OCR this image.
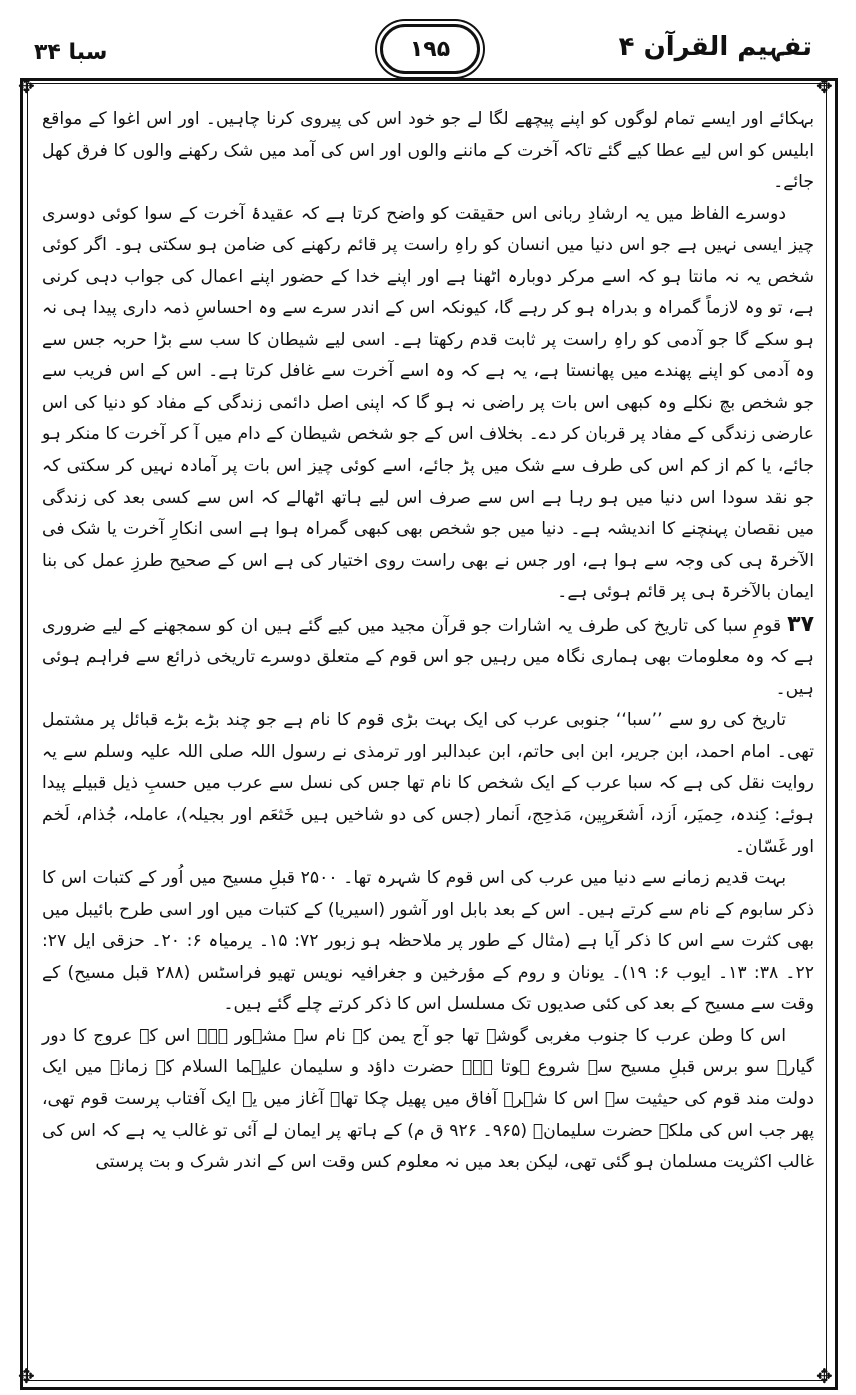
سبا ۳۴	۱۹۵	تفہیم القرآن ۴
✥	✥
✥	✥

بہکائے اور ایسے تمام لوگوں کو اپنے پیچھے لگا لے جو خود اس کی پیروی کرنا چاہیں۔ اور اس اغوا کے مواقع ابلیس کو اس لیے عطا کیے گئے تاکہ آخرت کے ماننے والوں اور اس کی آمد میں شک رکھنے والوں کا فرق کھل جائے۔

دوسرے الفاظ میں یہ ارشادِ ربانی اس حقیقت کو واضح کرتا ہے کہ عقیدۂ آخرت کے سوا کوئی دوسری چیز ایسی نہیں ہے جو اس دنیا میں انسان کو راہِ راست پر قائم رکھنے کی ضامن ہو سکتی ہو۔ اگر کوئی شخص یہ نہ مانتا ہو کہ اسے مرکر دوبارہ اٹھنا ہے اور اپنے خدا کے حضور اپنے اعمال کی جواب دہی کرنی ہے، تو وہ لازماً گمراہ و بدراہ ہو کر رہے گا، کیونکہ اس کے اندر سرے سے وہ احساسِ ذمہ داری پیدا ہی نہ ہو سکے گا جو آدمی کو راہِ راست پر ثابت قدم رکھتا ہے۔ اسی لیے شیطان کا سب سے بڑا حربہ جس سے وہ آدمی کو اپنے پھندے میں پھانستا ہے، یہ ہے کہ وہ اسے آخرت سے غافل کرتا ہے۔ اس کے اس فریب سے جو شخص بچ نکلے وہ کبھی اس بات پر راضی نہ ہو گا کہ اپنی اصل دائمی زندگی کے مفاد کو دنیا کی اس عارضی زندگی کے مفاد پر قربان کر دے۔ بخلاف اس کے جو شخص شیطان کے دام میں آ کر آخرت کا منکر ہو جائے، یا کم از کم اس کی طرف سے شک میں پڑ جائے، اسے کوئی چیز اس بات پر آمادہ نہیں کر سکتی کہ جو نقد سودا اس دنیا میں ہو رہا ہے اس سے صرف اس لیے ہاتھ اٹھالے کہ اس سے کسی بعد کی زندگی میں نقصان پہنچنے کا اندیشہ ہے۔ دنیا میں جو شخص بھی کبھی گمراہ ہوا ہے اسی انکارِ آخرت یا شک فی الآخرۃ ہی کی وجہ سے ہوا ہے، اور جس نے بھی راست روی اختیار کی ہے اس کے صحیح طرزِ عمل کی بنا ایمان بالآخرۃ ہی پر قائم ہوئی ہے۔

۳۷ قومِ سبا کی تاریخ کی طرف یہ اشارات جو قرآن مجید میں کیے گئے ہیں ان کو سمجھنے کے لیے ضروری ہے کہ وہ معلومات بھی ہماری نگاہ میں رہیں جو اس قوم کے متعلق دوسرے تاریخی ذرائع سے فراہم ہوئی ہیں۔

تاریخ کی رو سے ’’سبا‘‘ جنوبی عرب کی ایک بہت بڑی قوم کا نام ہے جو چند بڑے بڑے قبائل پر مشتمل تھی۔ امام احمد، ابن جریر، ابن ابی حاتم، ابن عبدالبر اور ترمذی نے رسول اللہ صلی اللہ علیہ وسلم سے یہ روایت نقل کی ہے کہ سبا عرب کے ایک شخص کا نام تھا جس کی نسل سے عرب میں حسبِ ذیل قبیلے پیدا ہوئے: کِندہ، حِمیَر، اَزد، اَشعَریِین، مَذحِج، اَنمار (جس کی دو شاخیں ہیں خَثعَم اور بجیلہ)، عاملہ، جُذام، لَخم اور غَسّان۔

بہت قدیم زمانے سے دنیا میں عرب کی اس قوم کا شہرہ تھا۔ ۲۵۰۰ قبلِ مسیح میں اُور کے کتبات اس کا ذکر سابوم کے نام سے کرتے ہیں۔ اس کے بعد بابل اور آشور (اسیریا) کے کتبات میں اور اسی طرح بائیبل میں بھی کثرت سے اس کا ذکر آیا ہے (مثال کے طور پر ملاحظہ ہو زبور ۷۲: ۱۵۔ یرمیاہ ۶: ۲۰۔ حزقی ایل ۲۷: ۲۲۔ ۳۸: ۱۳۔ ایوب ۶: ۱۹)۔ یونان و روم کے مؤرخین و جغرافیہ نویس تھیو فراسٹس (۲۸۸ قبل مسیح) کے وقت سے مسیح کے بعد کی کئی صدیوں تک مسلسل اس کا ذکر کرتے چلے گئے ہیں۔

اس کا وطن عرب کا جنوب مغربی گوشہ تھا جو آج یمن کے نام سے مشہور ہے۔ اس کے عروج کا دور گیارہ سو برس قبلِ مسیح سے شروع ہوتا ہے۔ حضرت داؤد و سلیمان علیہما السلام کے زمانے میں ایک دولت مند قوم کی حیثیت سے اس کا شہرہ آفاق میں پھیل چکا تھا۔ آغاز میں یہ ایک آفتاب پرست قوم تھی، پھر جب اس کی ملکہ حضرت سلیمانؑ (۹۶۵۔ ۹۲۶ ق م) کے ہاتھ پر ایمان لے آئی تو غالب یہ ہے کہ اس کی غالب اکثریت مسلمان ہو گئی تھی، لیکن بعد میں نہ معلوم کس وقت اس کے اندر شرک و بت پرستی
